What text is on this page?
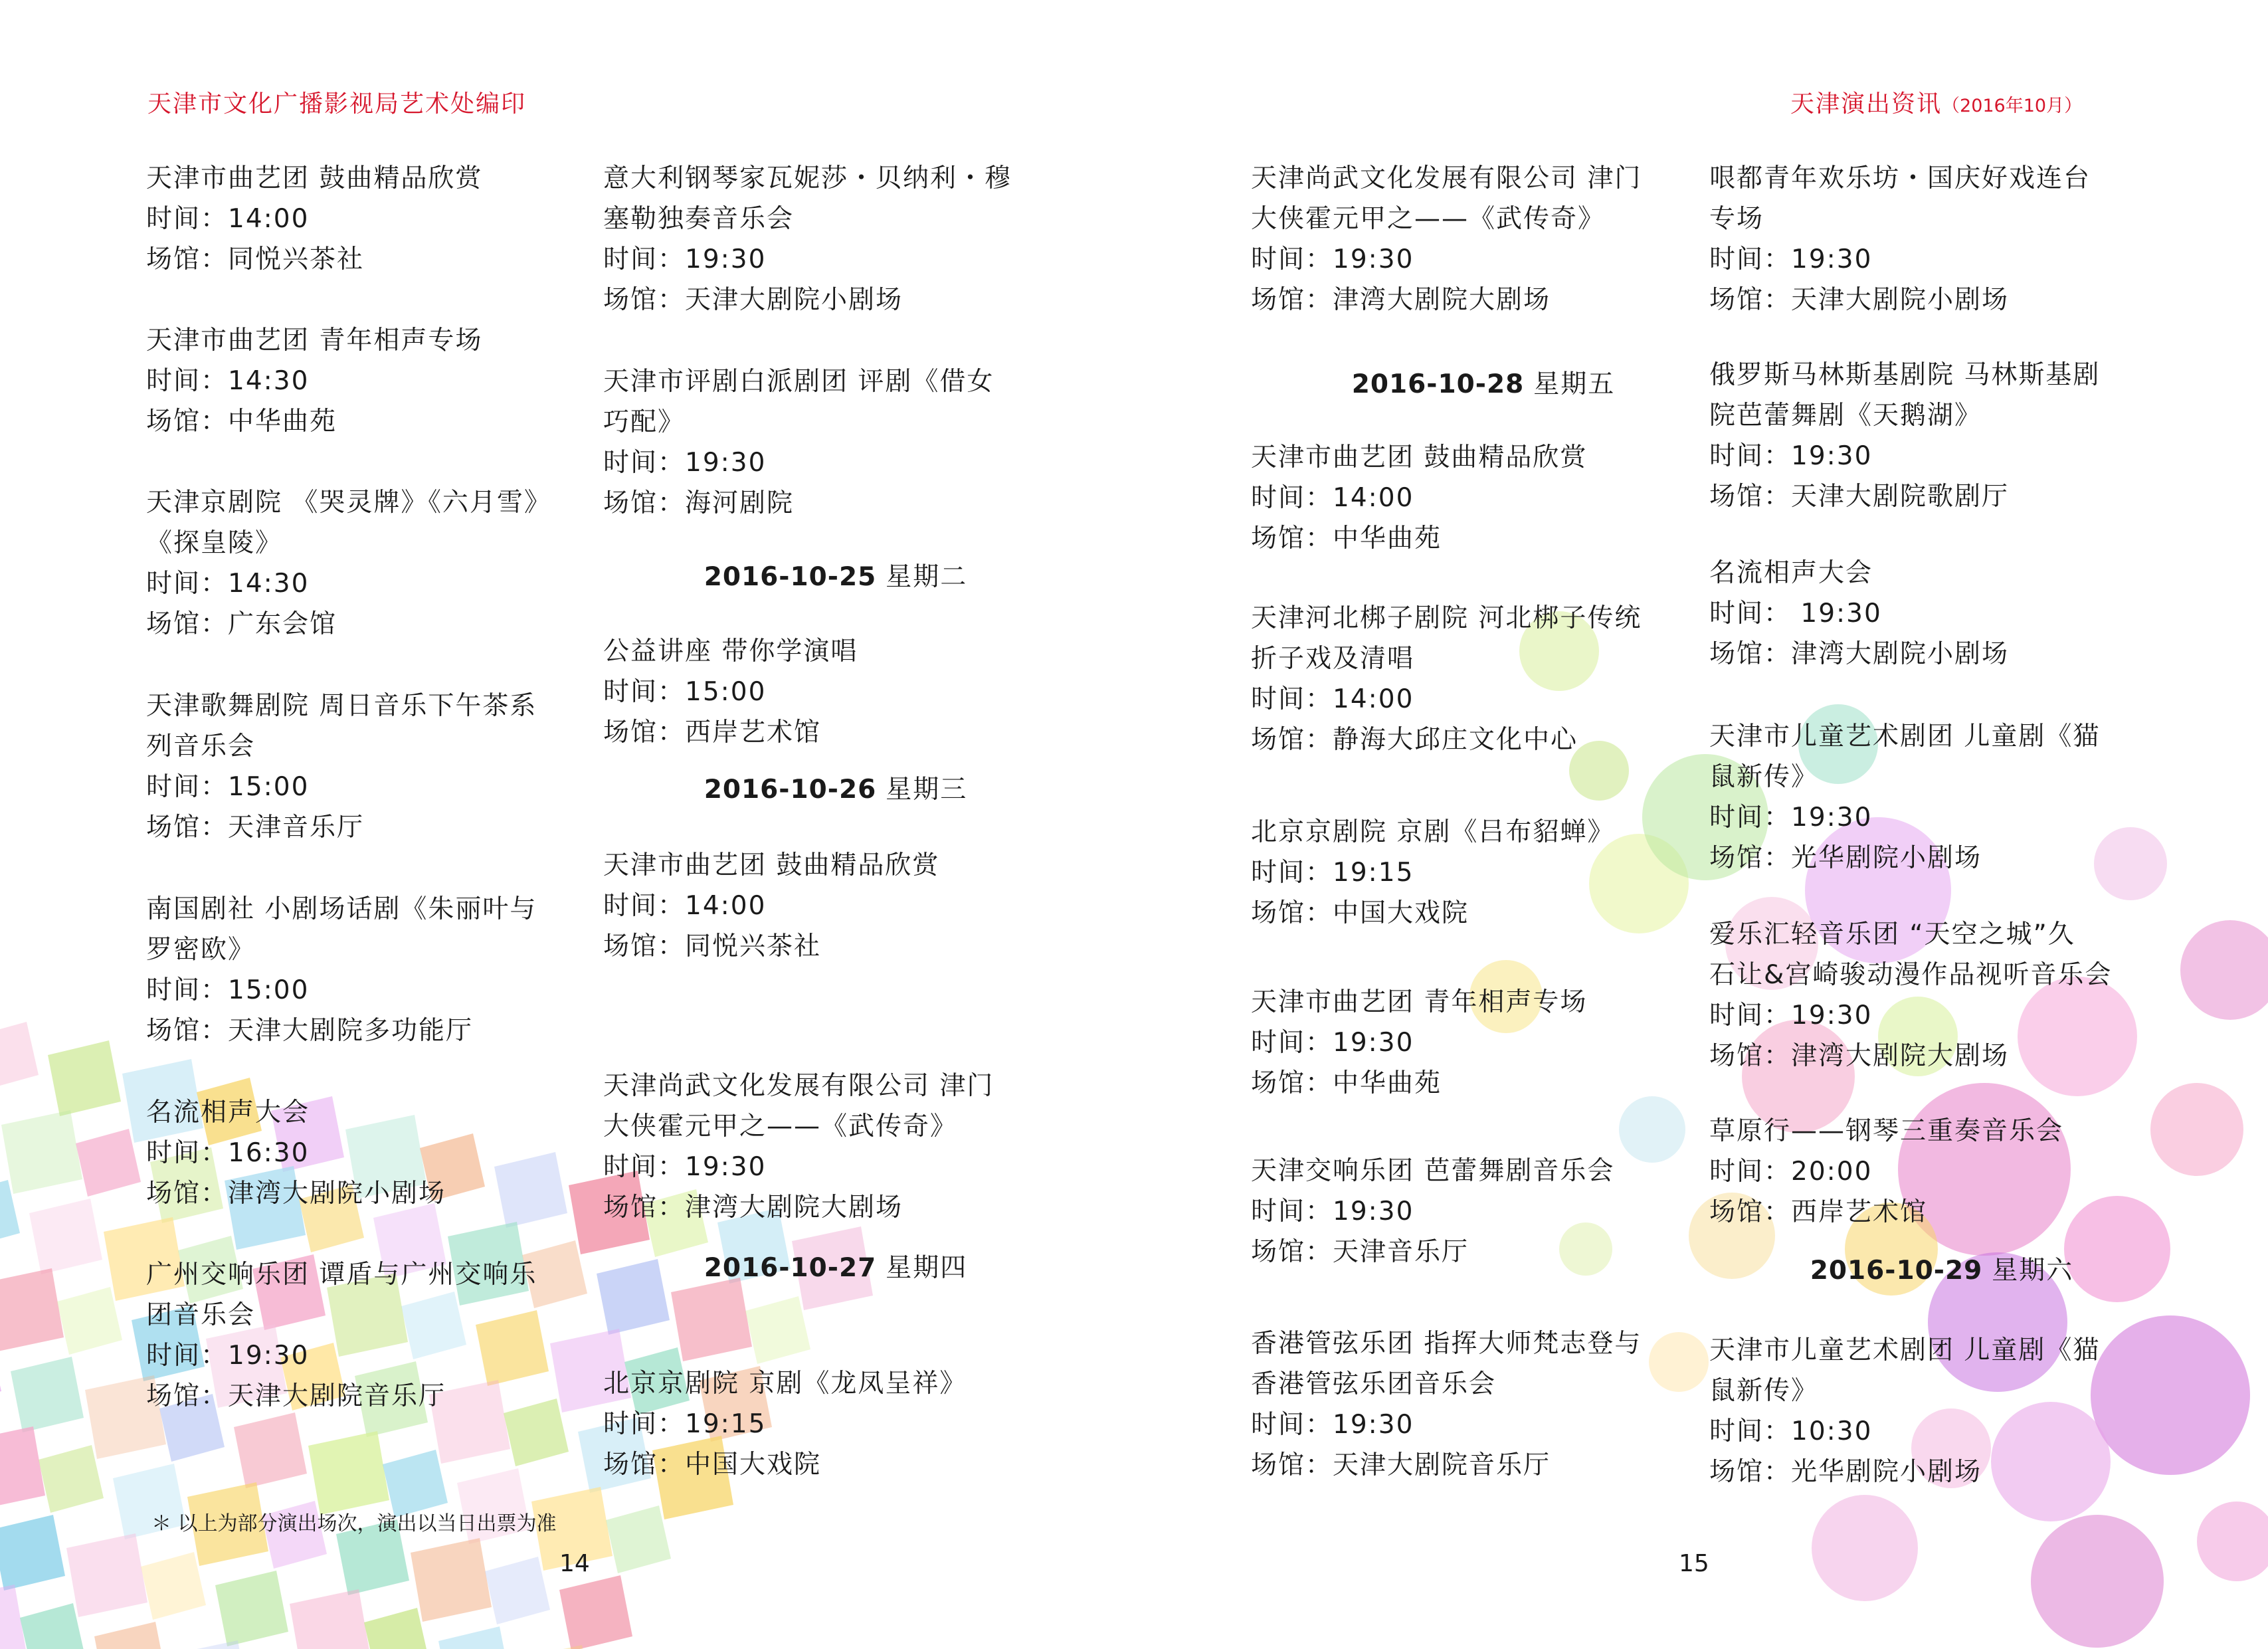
天津市文化广播影视局艺术处编印
天津市曲艺团 鼓曲精品欣赏
时间：14:00
场馆：同悦兴茶社
天津市曲艺团 青年相声专场
时间：14:30
场馆：中华曲苑
天津京剧院 《哭灵牌》《六月雪》
《探皇陵》
时间：14:30
场馆：广东会馆
天津歌舞剧院 周日音乐下午茶系
列音乐会
时间：15:00
场馆：天津音乐厅
南国剧社 小剧场话剧《朱丽叶与
罗密欧》
时间：15:00
场馆：天津大剧院多功能厅
名流相声大会
时间：16:30
场馆：津湾大剧院小剧场
广州交响乐团 谭盾与广州交响乐
团音乐会
时间：19:30
场馆：天津大剧院音乐厅
意大利钢琴家瓦妮莎・贝纳利・穆
塞勒独奏音乐会
时间：19:30
场馆：天津大剧院小剧场
天津市评剧白派剧团 评剧《借女
巧配》
时间：19:30
场馆：海河剧院
2016-10-25 星期二
公益讲座 带你学演唱
时间：15:00
场馆：西岸艺术馆
2016-10-26 星期三
天津市曲艺团 鼓曲精品欣赏
时间：14:00
场馆：同悦兴茶社
天津尚武文化发展有限公司 津门
大侠霍元甲之——《武传奇》
时间：19:30
场馆：津湾大剧院大剧场
2016-10-27 星期四
北京京剧院 京剧《龙凤呈祥》
时间：19:15
场馆：中国大戏院
＊ 以上为部分演出场次，演出以当日出票为准
14
天津演出资讯（2016年10月）
天津尚武文化发展有限公司 津门
大侠霍元甲之——《武传奇》
时间：19:30
场馆：津湾大剧院大剧场
2016-10-28 星期五
天津市曲艺团 鼓曲精品欣赏
时间：14:00
场馆：中华曲苑
天津河北梆子剧院 河北梆子传统
折子戏及清唱
时间：14:00
场馆：静海大邱庄文化中心
北京京剧院 京剧《吕布貂蝉》
时间：19:15
场馆：中国大戏院
天津市曲艺团 青年相声专场
时间：19:30
场馆：中华曲苑
天津交响乐团 芭蕾舞剧音乐会
时间：19:30
场馆：天津音乐厅
香港管弦乐团 指挥大师梵志登与
香港管弦乐团音乐会
时间：19:30
场馆：天津大剧院音乐厅
哏都青年欢乐坊・国庆好戏连台
专场
时间：19:30
场馆：天津大剧院小剧场
俄罗斯马林斯基剧院 马林斯基剧
院芭蕾舞剧《天鹅湖》
时间：19:30
场馆：天津大剧院歌剧厅
名流相声大会
时间： 19:30
场馆：津湾大剧院小剧场
天津市儿童艺术剧团 儿童剧《猫
鼠新传》
时间：19:30
场馆：光华剧院小剧场
爱乐汇轻音乐团 “天空之城”久
石让&宫崎骏动漫作品视听音乐会
时间：19:30
场馆：津湾大剧院大剧场
草原行——钢琴三重奏音乐会
时间：20:00
场馆：西岸艺术馆
2016-10-29 星期六
天津市儿童艺术剧团 儿童剧《猫
鼠新传》
时间：10:30
场馆：光华剧院小剧场
15
